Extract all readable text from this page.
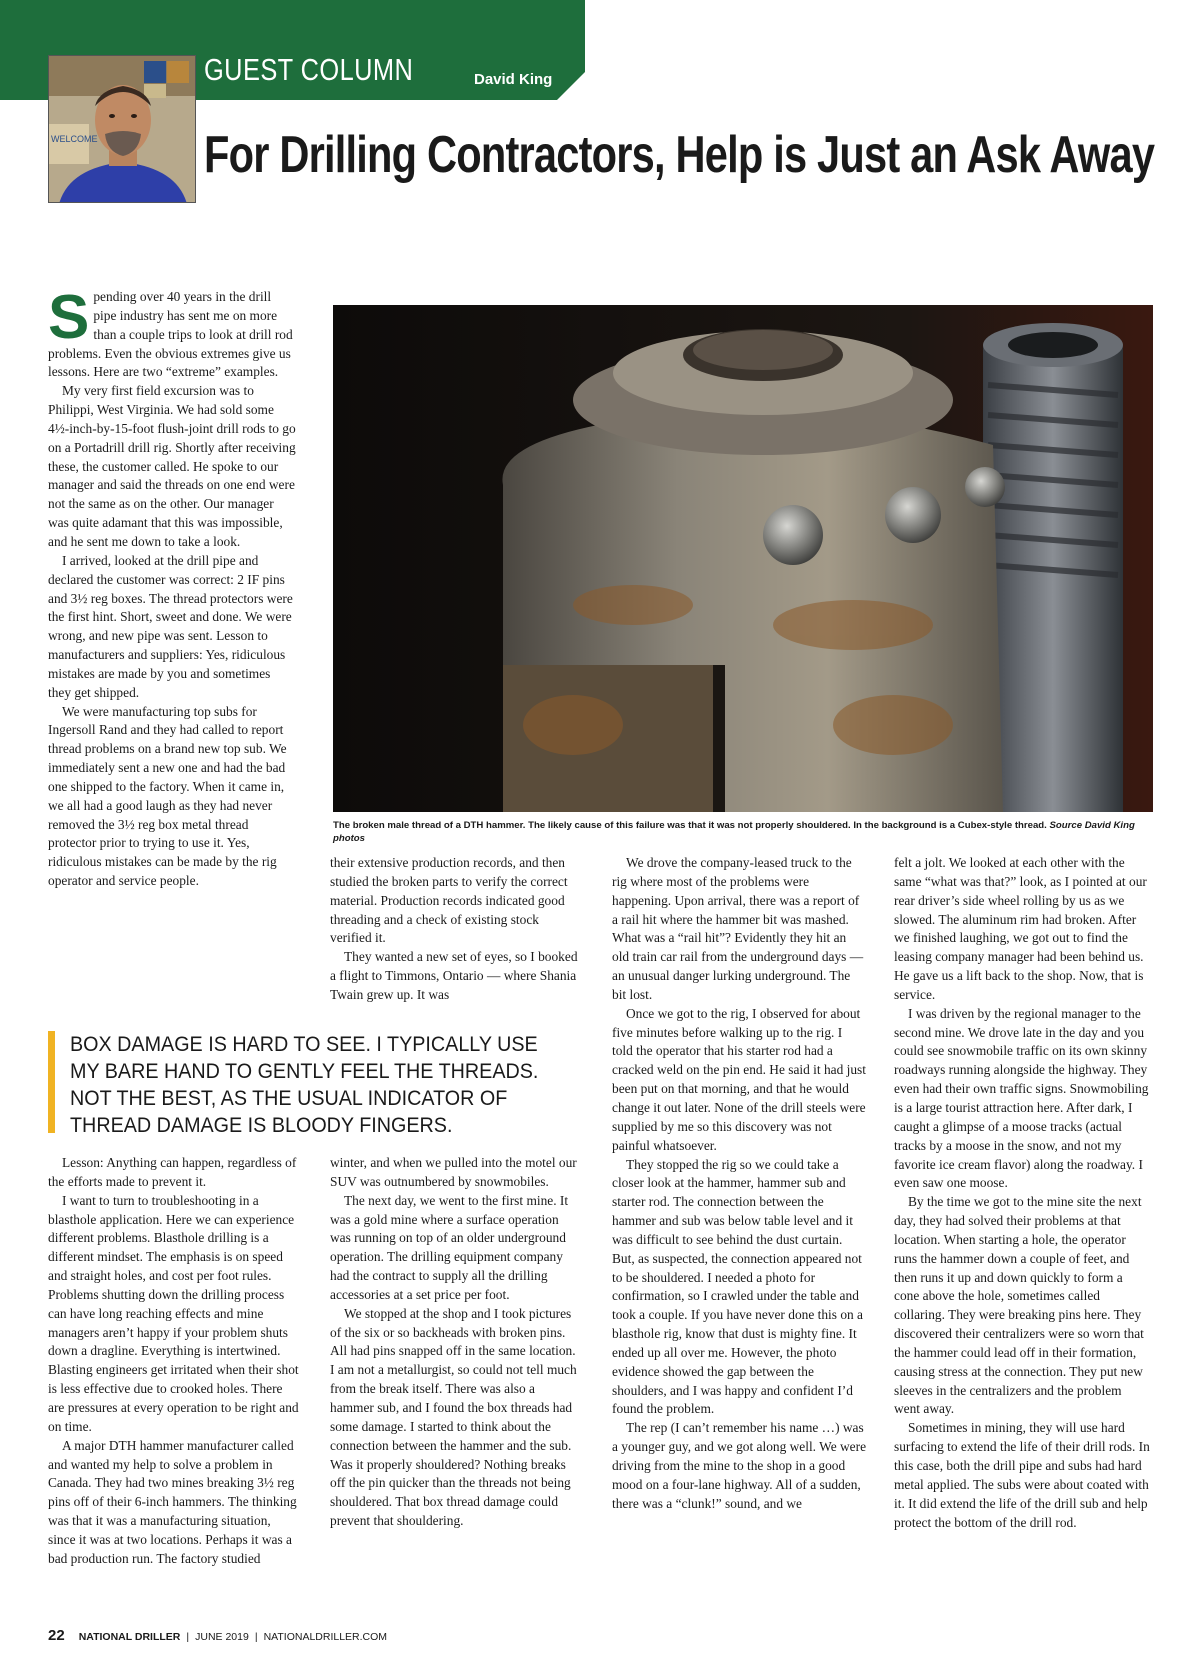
GUEST COLUMN	David King
WELCOME For Drilling Contractors, Help is Just an Ask Away

Spending over 40 years in the drill pipe industry has sent me on more than a couple trips to look at drill rod problems. Even the obvious extremes give us lessons. Here are two “extreme” examples.

My very first field excursion was to Philippi, West Virginia. We had sold some 4½-inch-by-15-foot flush-joint drill rods to go on a Portadrill drill rig. Shortly after receiving these, the customer called. He spoke to our manager and said the threads on one end were not the same as on the other. Our manager was quite adamant that this was impossible, and he sent me down to take a look.

I arrived, looked at the drill pipe and declared the customer was correct: 2 IF pins and 3½ reg boxes. The thread protectors were the first hint. Short, sweet and done. We were wrong, and new pipe was sent. Lesson to manufacturers and suppliers: Yes, ridiculous mistakes are made by you and sometimes they get shipped.

We were manufacturing top subs for Ingersoll Rand and they had called to report thread problems on a brand new top sub. We immediately sent a new one and had the bad one shipped to the factory. When it came in, we all had a good laugh as they had never removed the 3½ reg box metal thread protector prior to trying to use it. Yes, ridiculous mistakes can be made by the rig operator and service people.

The broken male thread of a DTH hammer. The likely cause of this failure was that it was not properly shouldered. In the background is a Cubex-style thread. Source David King photos

their extensive production records, and then studied the broken parts to verify the correct material. Production records indicated good threading and a check of existing stock verified it.

They wanted a new set of eyes, so I booked a flight to Timmons, Ontario — where Shania Twain grew up. It was

BOX DAMAGE IS HARD TO SEE. I TYPICALLY USE MY BARE HAND TO GENTLY FEEL THE THREADS. NOT THE BEST, AS THE USUAL INDICATOR OF THREAD DAMAGE IS BLOODY FINGERS.

Lesson: Anything can happen, regardless of the efforts made to prevent it.

I want to turn to troubleshooting in a blasthole application. Here we can experience different problems. Blasthole drilling is a different mindset. The emphasis is on speed and straight holes, and cost per foot rules. Problems shutting down the drilling process can have long reaching effects and mine managers aren’t happy if your problem shuts down a dragline. Everything is intertwined. Blasting engineers get irritated when their shot is less effective due to crooked holes. There are pressures at every operation to be right and on time.

A major DTH hammer manufacturer called and wanted my help to solve a problem in Canada. They had two mines breaking 3½ reg pins off of their 6-inch hammers. The thinking was that it was a manufacturing situation, since it was at two locations. Perhaps it was a bad production run. The factory studied

winter, and when we pulled into the motel our SUV was outnumbered by snowmobiles.

The next day, we went to the first mine. It was a gold mine where a surface operation was running on top of an older underground operation. The drilling equipment company had the contract to supply all the drilling accessories at a set price per foot.

We stopped at the shop and I took pictures of the six or so backheads with broken pins. All had pins snapped off in the same location. I am not a metallurgist, so could not tell much from the break itself. There was also a hammer sub, and I found the box threads had some damage. I started to think about the connection between the hammer and the sub. Was it properly shouldered? Nothing breaks off the pin quicker than the threads not being shouldered. That box thread damage could prevent that shouldering.

We drove the company-leased truck to the rig where most of the problems were happening. Upon arrival, there was a report of a rail hit where the hammer bit was mashed. What was a “rail hit”? Evidently they hit an old train car rail from the underground days — an unusual danger lurking underground. The bit lost.

Once we got to the rig, I observed for about five minutes before walking up to the rig. I told the operator that his starter rod had a cracked weld on the pin end. He said it had just been put on that morning, and that he would change it out later. None of the drill steels were supplied by me so this discovery was not painful whatsoever.

They stopped the rig so we could take a closer look at the hammer, hammer sub and starter rod. The connection between the hammer and sub was below table level and it was difficult to see behind the dust curtain. But, as suspected, the connection appeared not to be shouldered. I needed a photo for confirmation, so I crawled under the table and took a couple. If you have never done this on a blasthole rig, know that dust is mighty fine. It ended up all over me. However, the photo evidence showed the gap between the shoulders, and I was happy and confident I’d found the problem.

The rep (I can’t remember his name …) was a younger guy, and we got along well. We were driving from the mine to the shop in a good mood on a four-lane highway. All of a sudden, there was a “clunk!” sound, and we

felt a jolt. We looked at each other with the same “what was that?” look, as I pointed at our rear driver’s side wheel rolling by us as we slowed. The aluminum rim had broken. After we finished laughing, we got out to find the leasing company manager had been behind us. He gave us a lift back to the shop. Now, that is service.

I was driven by the regional manager to the second mine. We drove late in the day and you could see snowmobile traffic on its own skinny roadways running alongside the highway. They even had their own traffic signs. Snowmobiling is a large tourist attraction here. After dark, I caught a glimpse of a moose tracks (actual tracks by a moose in the snow, and not my favorite ice cream flavor) along the roadway. I even saw one moose.

By the time we got to the mine site the next day, they had solved their problems at that location. When starting a hole, the operator runs the hammer down a couple of feet, and then runs it up and down quickly to form a cone above the hole, sometimes called collaring. They were breaking pins here. They discovered their centralizers were so worn that the hammer could lead off in their formation, causing stress at the connection. They put new sleeves in the centralizers and the problem went away.

Sometimes in mining, they will use hard surfacing to extend the life of their drill rods. In this case, both the drill pipe and subs had hard metal applied. The subs were about coated with it. It did extend the life of the drill sub and help protect the bottom of the drill rod.

22 NATIONAL DRILLER | JUNE 2019 | NATIONALDRILLER.COM
